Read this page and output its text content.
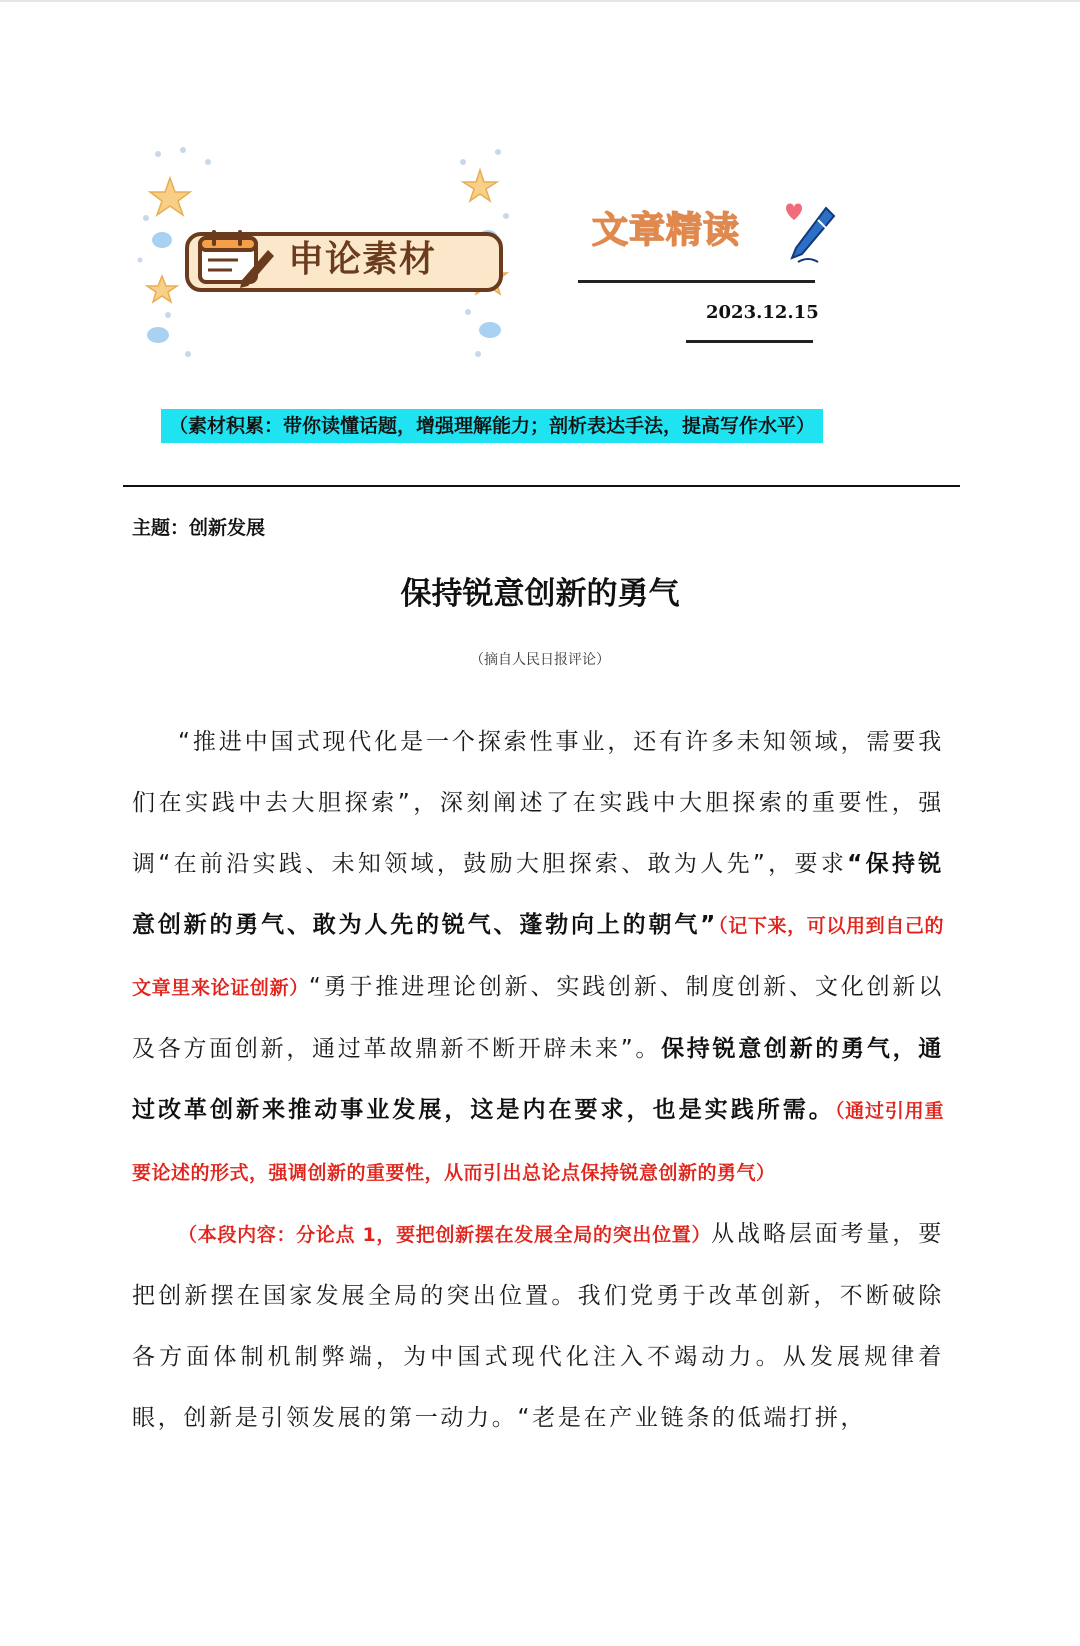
申论素材
文章精读
2023.12.15
（素材积累：带你读懂话题，增强理解能力；剖析表达手法，提高写作水平）
主题：创新发展
保持锐意创新的勇气
（摘自人民日报评论）

“推进中国式现代化是一个探索性事业，还有许多未知领域，需要我们在实践中去大胆探索”，深刻阐述了在实践中大胆探索的重要性，强调“在前沿实践、未知领域，鼓励大胆探索、敢为人先”，要求“保持锐意创新的勇气、敢为人先的锐气、蓬勃向上的朝气”（记下来，可以用到自己的文章里来论证创新）“勇于推进理论创新、实践创新、制度创新、文化创新以及各方面创新，通过革故鼎新不断开辟未来”。保持锐意创新的勇气，通过改革创新来推动事业发展，这是内在要求，也是实践所需。（通过引用重要论述的形式，强调创新的重要性，从而引出总论点保持锐意创新的勇气）

（本段内容：分论点 1，要把创新摆在发展全局的突出位置）从战略层面考量，要把创新摆在国家发展全局的突出位置。我们党勇于改革创新，不断破除各方面体制机制弊端，为中国式现代化注入不竭动力。从发展规律着眼，创新是引领发展的第一动力。“老是在产业链条的低端打拼，
